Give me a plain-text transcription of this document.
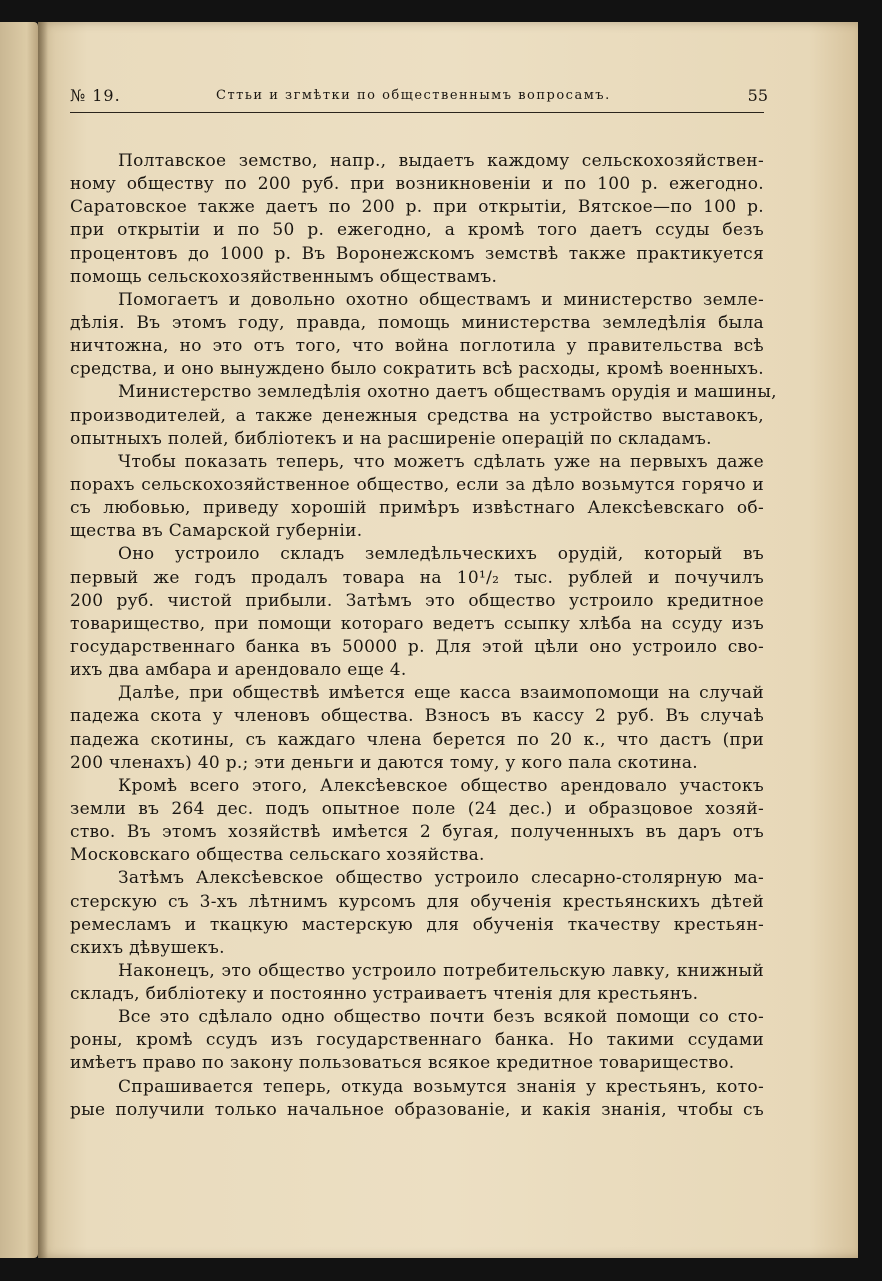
№ 19.	Сттьи и згмѣтки по общественнымъ вопросамъ.	55
Полтавское земство, напр., выдаетъ каждому сельскохозяйствен-
ному обществу по 200 руб. при возникновенiи и по 100 р. ежегодно.
Саратовское также даетъ по 200 р. при открытiи, Вятское—по 100 р.
при открытiи и по 50 р. ежегодно, а кромѣ того даетъ ссуды безъ
процентовъ до 1000 р. Въ Воронежскомъ земствѣ также практикуется
помощь сельскохозяйственнымъ обществамъ.
Помогаетъ и довольно охотно обществамъ и министерство земле-
дѣлiя. Въ этомъ году, правда, помощь министерства земледѣлiя была
ничтожна, но это отъ того, что война поглотила у правительства всѣ
средства, и оно вынуждено было сократить всѣ расходы, кромѣ военныхъ.
Министерство земледѣлiя охотно даетъ обществамъ орудiя и машины,
производителей, а также денежныя средства на устройство выставокъ,
опытныхъ полей, библiотекъ и на расширенiе операцiй по складамъ.
Чтобы показать теперь, что можетъ сдѣлать уже на первыхъ даже
порахъ сельскохозяйственное общество, если за дѣло возьмутся горячо и
съ любовью, приведу хорошiй примѣръ извѣстнаго Алексѣевскаго об-
щества въ Самарской губернiи.
Оно устроило складъ земледѣльческихъ орудiй, который въ
первый же годъ продалъ товара на 10¹/₂ тыс. рублей и почучилъ
200 руб. чистой прибыли. Затѣмъ это общество устроило кредитное
товарищество, при помощи котораго ведетъ ссыпку хлѣба на ссуду изъ
государственнаго банка въ 50000 р. Для этой цѣли оно устроило сво-
ихъ два амбара и арендовало еще 4.
Далѣе, при обществѣ имѣется еще касса взаимопомощи на случай
падежа скота у членовъ общества. Взносъ въ кассу 2 руб. Въ случаѣ
падежа скотины, съ каждаго члена берется по 20 к., что дастъ (при
200 членахъ) 40 р.; эти деньги и даются тому, у кого пала скотина.
Кромѣ всего этого, Алексѣевское общество арендовало участокъ
земли въ 264 дес. подъ опытное поле (24 дес.) и образцовое хозяй-
ство. Въ этомъ хозяйствѣ имѣется 2 бугая, полученныхъ въ даръ отъ
Московскаго общества сельскаго хозяйства.
Затѣмъ Алексѣевское общество устроило слесарно-столярную ма-
стерскую съ 3-хъ лѣтнимъ курсомъ для обученiя крестьянскихъ дѣтей
ремесламъ и ткацкую мастерскую для обученiя ткачеству крестьян-
скихъ дѣвушекъ.
Наконецъ, это общество устроило потребительскую лавку, книжный
складъ, библiотеку и постоянно устраиваетъ чтенiя для крестьянъ.
Все это сдѣлало одно общество почти безъ всякой помощи со сто-
роны, кромѣ ссудъ изъ государственнаго банка. Но такими ссудами
имѣетъ право по закону пользоваться всякое кредитное товарищество.
Спрашивается теперь, откуда возьмутся знанiя у крестьянъ, кото-
рые получили только начальное образованiе, и какiя знанiя, чтобы съ
